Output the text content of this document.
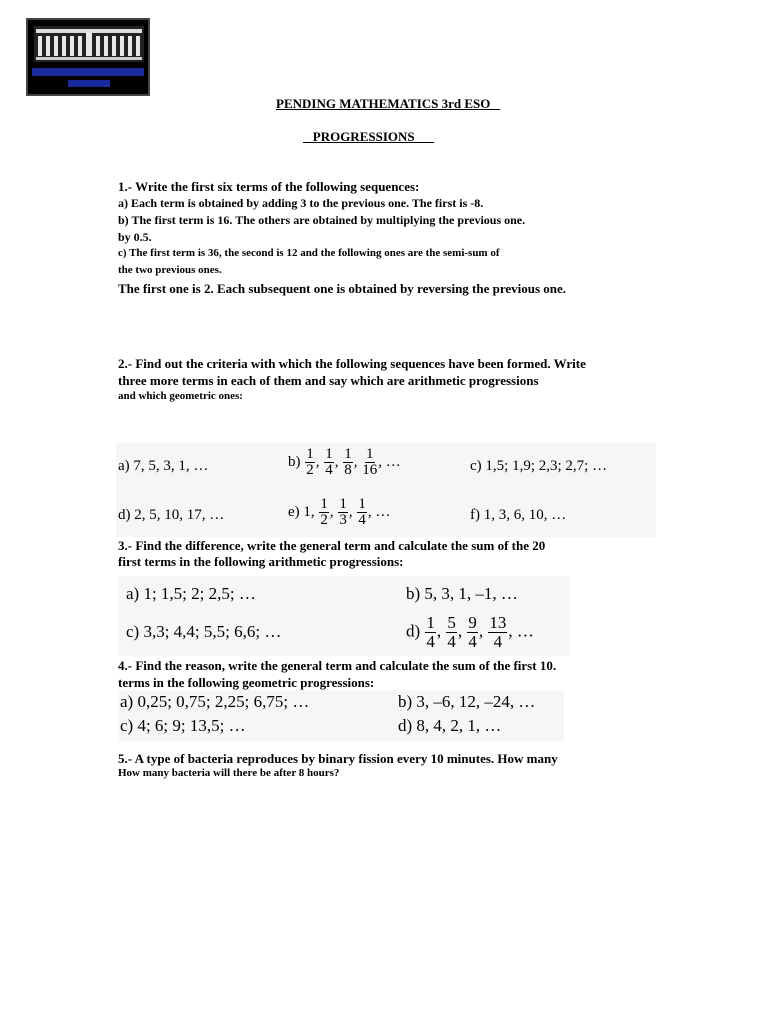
PENDING MATHEMATICS 3rd ESO
PROGRESSIONS
1.- Write the first six terms of the following sequences:
a) Each term is obtained by adding 3 to the previous one. The first is -8.
b) The first term is 16. The others are obtained by multiplying the previous one.
by 0.5.
c) The first term is 36, the second is 12 and the following ones are the semi-sum of
the two previous ones.
The first one is 2. Each subsequent one is obtained by reversing the previous one.
2.- Find out the criteria with which the following sequences have been formed. Write
three more terms in each of them and say which are arithmetic progressions
and which geometric ones:
a) 7, 5, 3, 1, …	$b) \frac{1}{2}$ , $\frac{1}{4}$ , $\frac{1}{8}$ , $\frac{1}{16}$ , …	c) 1,5; 1,9; 2,3; 2,7; …
d) 2, 5, 10, 17, …	e) 1, $\frac{1}{2}$ , $\frac{1}{3}$ , $\frac{1}{4}$ , …	f) 1, 3, 6, 10, …
3.- Find the difference, write the general term and calculate the sum of the 20
first terms in the following arithmetic progressions:
a) 1; 1,5; 2; 2,5; …	b) 5, 3, 1, –1, …
c) 3,3; 4,4; 5,5; 6,6; …	$d) \frac{1}{4}$ , $\frac{5}{4}$ , $\frac{9}{4}$ , $\frac{13}{4}$ , …
4.- Find the reason, write the general term and calculate the sum of the first 10.
terms in the following geometric progressions:
a) 0,25; 0,75; 2,25; 6,75; …	b) 3, –6, 12, –24, …
c) 4; 6; 9; 13,5; …	d) 8, 4, 2, 1, …
5.- A type of bacteria reproduces by binary fission every 10 minutes. How many
How many bacteria will there be after 8 hours?
